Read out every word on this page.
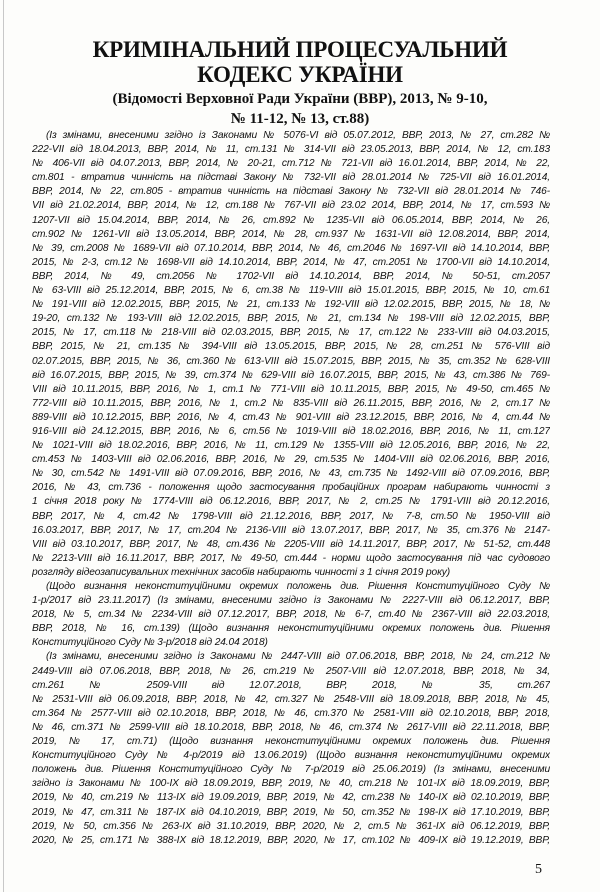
КРИМІНАЛЬНИЙ ПРОЦЕСУАЛЬНИЙ
КОДЕКС УКРАЇНИ
(Відомості Верховної Ради України (ВВР), 2013, № 9-10,
№ 11-12, № 13, ст.88)
(Із змінами, внесеними згідно із Законами № 5076-VI від 05.07.2012, ВВР, 2013, № 27, ст.282 №
222-VII від 18.04.2013, ВВР, 2014, № 11, ст.131 № 314-VII від 23.05.2013, ВВР, 2014, № 12, ст.183
№ 406-VII від 04.07.2013, ВВР, 2014, № 20-21, ст.712 № 721-VII від 16.01.2014, ВВР, 2014, № 22,
ст.801 - втратив чинність на підставі Закону № 732-VII від 28.01.2014 № 725-VII від 16.01.2014,
ВВР, 2014, № 22, ст.805 - втратив чинність на підставі Закону № 732-VII від 28.01.2014 № 746-
VII від 21.02.2014, ВВР, 2014, № 12, ст.188 № 767-VII від 23.02 2014, ВВР, 2014, № 17, ст.593 №
1207-VII від 15.04.2014, ВВР, 2014, № 26, ст.892 № 1235-VII від 06.05.2014, ВВР, 2014, № 26,
ст.902 № 1261-VII від 13.05.2014, ВВР, 2014, № 28, ст.937 № 1631-VII від 12.08.2014, ВВР, 2014,
№ 39, ст.2008 № 1689-VII від 07.10.2014, ВВР, 2014, № 46, ст.2046 № 1697-VII від 14.10.2014, ВВР,
2015, № 2-3, ст.12 № 1698-VII від 14.10.2014, ВВР, 2014, № 47, ст.2051 № 1700-VII від 14.10.2014,
ВВР, 2014, № 49, ст.2056 № 1702-VII від 14.10.2014, ВВР, 2014, № 50-51, ст.2057
№ 63-VIII від 25.12.2014, ВВР, 2015, № 6, ст.38 № 119-VIII від 15.01.2015, ВВР, 2015, № 10, ст.61
№ 191-VIII від 12.02.2015, ВВР, 2015, № 21, ст.133 № 192-VIII від 12.02.2015, ВВР, 2015, № 18, №
19-20, ст.132 № 193-VIII від 12.02.2015, ВВР, 2015, № 21, ст.134 № 198-VIII від 12.02.2015, ВВР,
2015, № 17, ст.118 № 218-VIII від 02.03.2015, ВВР, 2015, № 17, ст.122 № 233-VIII від 04.03.2015,
ВВР, 2015, № 21, ст.135 № 394-VIII від 13.05.2015, ВВР, 2015, № 28, ст.251 № 576-VIII від
02.07.2015, ВВР, 2015, № 36, ст.360 № 613-VIII від 15.07.2015, ВВР, 2015, № 35, ст.352 № 628-VIII
від 16.07.2015, ВВР, 2015, № 39, ст.374 № 629-VIII від 16.07.2015, ВВР, 2015, № 43, ст.386 № 769-
VIII від 10.11.2015, ВВР, 2016, № 1, ст.1 № 771-VIII від 10.11.2015, ВВР, 2015, № 49-50, ст.465 №
772-VIII від 10.11.2015, ВВР, 2016, № 1, ст.2 № 835-VIII від 26.11.2015, ВВР, 2016, № 2, ст.17 №
889-VIII від 10.12.2015, ВВР, 2016, № 4, ст.43 № 901-VIII від 23.12.2015, ВВР, 2016, № 4, ст.44 №
916-VIII від 24.12.2015, ВВР, 2016, № 6, ст.56 № 1019-VIII від 18.02.2016, ВВР, 2016, № 11, ст.127
№ 1021-VIII від 18.02.2016, ВВР, 2016, № 11, ст.129 № 1355-VIII від 12.05.2016, ВВР, 2016, № 22,
ст.453 № 1403-VIII від 02.06.2016, ВВР, 2016, № 29, ст.535 № 1404-VIII від 02.06.2016, ВВР, 2016,
№ 30, ст.542 № 1491-VIII від 07.09.2016, ВВР, 2016, № 43, ст.735 № 1492-VIII від 07.09.2016, ВВР,
2016, № 43, ст.736 - положення щодо застосування пробаційних програм набирають чинності з
1 січня 2018 року № 1774-VIII від 06.12.2016, ВВР, 2017, № 2, ст.25 № 1791-VIII від 20.12.2016,
ВВР, 2017, № 4, ст.42 № 1798-VIII від 21.12.2016, ВВР, 2017, № 7-8, ст.50 № 1950-VIII від
16.03.2017, ВВР, 2017, № 17, ст.204 № 2136-VIII від 13.07.2017, ВВР, 2017, № 35, ст.376 № 2147-
VIII від 03.10.2017, ВВР, 2017, № 48, ст.436 № 2205-VIII від 14.11.2017, ВВР, 2017, № 51-52, ст.448
№ 2213-VIII від 16.11.2017, ВВР, 2017, № 49-50, ст.444 - норми щодо застосування під час судового
розгляду відеозаписувальних технічних засобів набирають чинності з 1 січня 2019 року)
(Щодо визнання неконституційними окремих положень див. Рішення Конституційного Суду №
1-р/2017 від 23.11.2017) (Із змінами, внесеними згідно із Законами № 2227-VIII від 06.12.2017, ВВР,
2018, № 5, ст.34 № 2234-VIII від 07.12.2017, ВВР, 2018, № 6-7, ст.40 № 2367-VIII від 22.03.2018,
ВВР, 2018, № 16, ст.139) (Щодо визнання неконституційними окремих положень див. Рішення
Конституційного Суду № 3-р/2018 від 24.04 2018)
(Із змінами, внесеними згідно із Законами № 2447-VIII від 07.06.2018, ВВР, 2018, № 24, ст.212 №
2449-VIII від 07.06.2018, ВВР, 2018, № 26, ст.219 № 2507-VIII від 12.07.2018, ВВР, 2018, № 34,
ст.261 № 2509-VIII від 12.07.2018, ВВР, 2018, № 35, ст.267
№ 2531-VIII від 06.09.2018, ВВР, 2018, № 42, ст.327 № 2548-VIII від 18.09.2018, ВВР, 2018, № 45,
ст.364 № 2577-VIII від 02.10.2018, ВВР, 2018, № 46, ст.370 № 2581-VIII від 02.10.2018, ВВР, 2018,
№ 46, ст.371 № 2599-VIII від 18.10.2018, ВВР, 2018, № 46, ст.374 № 2617-VIII від 22.11.2018, ВВР,
2019, № 17, ст.71) (Щодо визнання неконституційними окремих положень див. Рішення
Конституційного Суду № 4-р/2019 від 13.06.2019) (Щодо визнання неконституційними окремих
положень див. Рішення Конституційного Суду № 7-р/2019 від 25.06.2019) (Із змінами, внесеними
згідно із Законами № 100-IX від 18.09.2019, ВВР, 2019, № 40, ст.218 № 101-IX від 18.09.2019, ВВР,
2019, № 40, ст.219 № 113-IX від 19.09.2019, ВВР, 2019, № 42, ст.238 № 140-IX від 02.10.2019, ВВР,
2019, № 47, ст.311 № 187-IX від 04.10.2019, ВВР, 2019, № 50, ст.352 № 198-IX від 17.10.2019, ВВР,
2019, № 50, ст.356 № 263-IX від 31.10.2019, ВВР, 2020, № 2, ст.5 № 361-IX від 06.12.2019, ВВР,
2020, № 25, ст.171 № 388-IX від 18.12.2019, ВВР, 2020, № 17, ст.102 № 409-IX від 19.12.2019, ВВР,
5
